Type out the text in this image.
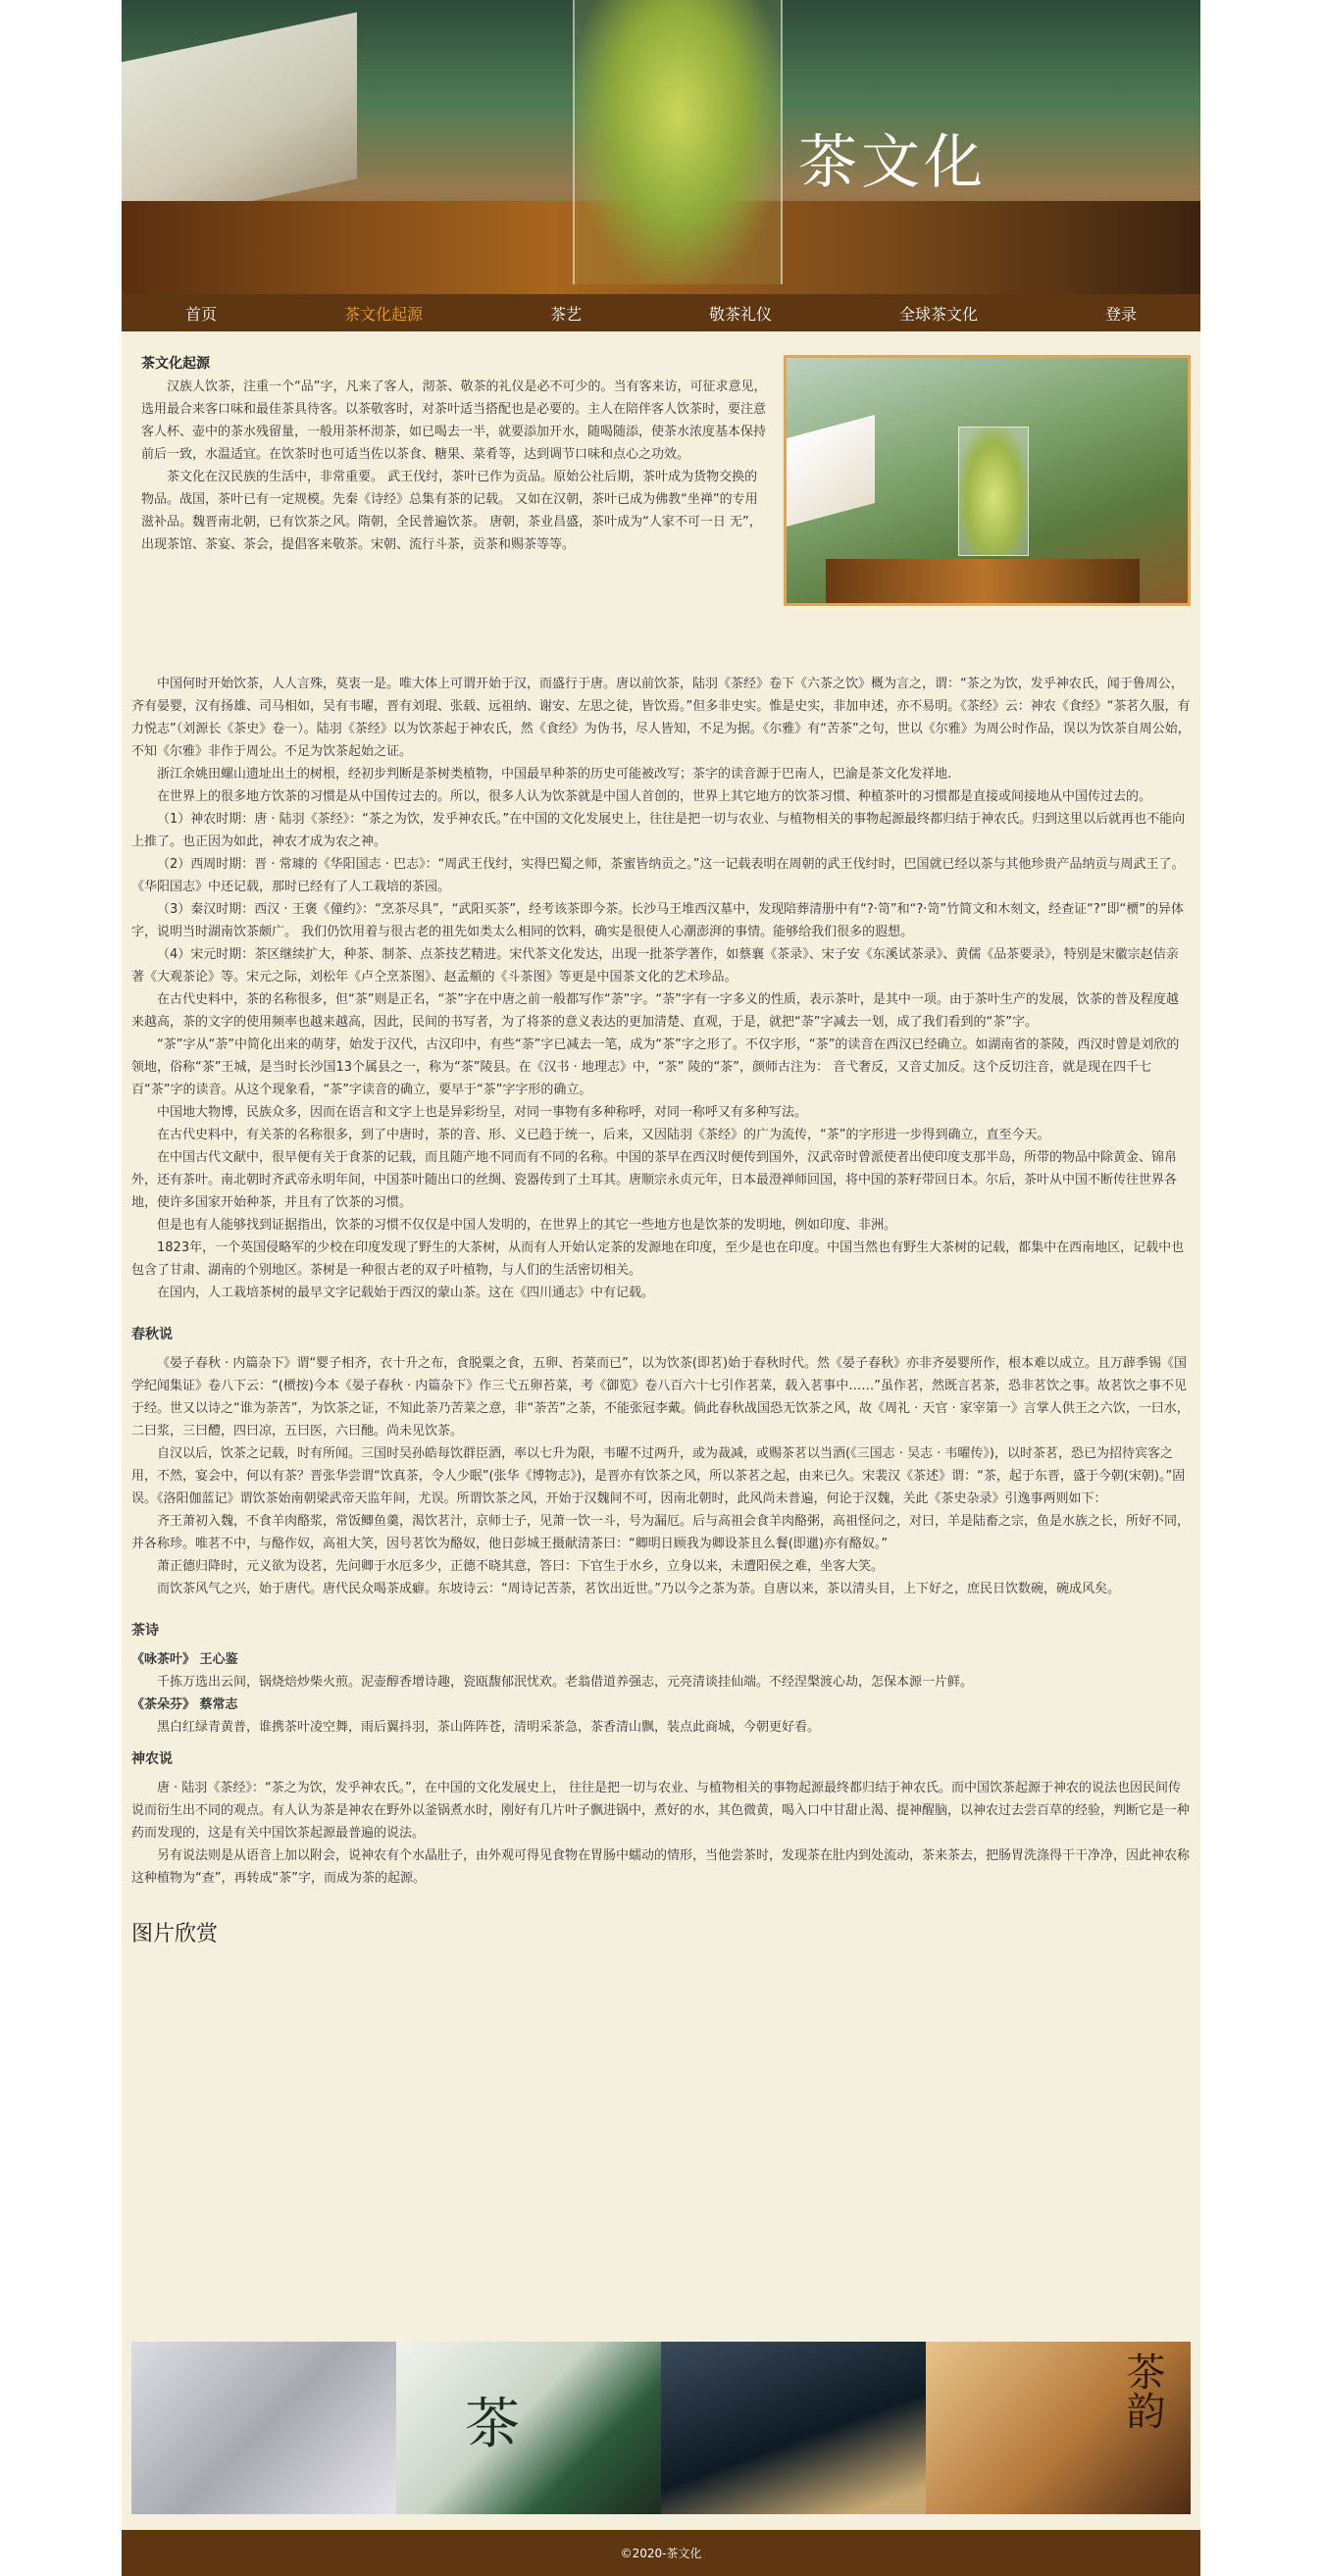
茶文化
首页	茶文化起源	茶艺	敬茶礼仪	全球茶文化	登录
茶文化起源

汉族人饮茶，注重一个“品”字，凡来了客人，沏茶、敬茶的礼仪是必不可少的。当有客来访，可征求意见，选用最合来客口味和最佳茶具待客。以茶敬客时，对茶叶适当搭配也是必要的。主人在陪伴客人饮茶时，要注意客人杯、壶中的茶水残留量，一般用茶杯沏茶，如已喝去一半，就要添加开水，随喝随添，使茶水浓度基本保持前后一致，水温适宜。在饮茶时也可适当佐以茶食、糖果、菜肴等，达到调节口味和点心之功效。

茶文化在汉民族的生活中，非常重要。 武王伐纣，茶叶已作为贡品。原始公社后期，茶叶成为货物交换的物品。战国，茶叶已有一定规模。先秦《诗经》总集有茶的记载。 又如在汉朝，茶叶已成为佛教“坐禅”的专用滋补品。魏晋南北朝，已有饮茶之风。隋朝，全民普遍饮茶。 唐朝，茶业昌盛，茶叶成为“人家不可一日 无”，出现茶馆、茶宴、茶会，提倡客来敬茶。宋朝、流行斗茶，贡茶和赐茶等等。

中国何时开始饮茶，人人言殊，莫衷一是。唯大体上可谓开始于汉，而盛行于唐。唐以前饮茶，陆羽《茶经》卷下《六茶之饮》概为言之，谓：“茶之为饮，发乎神农氏，闻于鲁周公，齐有晏婴，汉有扬雄、司马相如，吴有韦曜，晋有刘琨、张载、远祖纳、谢安、左思之徒，皆饮焉。”但多非史实。惟是史实，非加申述，亦不易明。《茶经》云：神农《食经》“茶茗久服，有力悦志”（刘源长《茶史》卷一）。陆羽《茶经》以为饮茶起于神农氏，然《食经》为伪书，尽人皆知，不足为据。《尔雅》有“苦茶”之句，世以《尔雅》为周公时作品，误以为饮茶自周公始，不知《尔雅》非作于周公。不足为饮茶起始之证。

浙江余姚田螺山遗址出土的树根，经初步判断是茶树类植物，中国最早种茶的历史可能被改写；茶字的读音源于巴南人，巴渝是茶文化发祥地.

在世界上的很多地方饮茶的习惯是从中国传过去的。所以，很多人认为饮茶就是中国人首创的，世界上其它地方的饮茶习惯、种植茶叶的习惯都是直接或间接地从中国传过去的。

（1）神农时期：唐 · 陆羽《茶经》：“茶之为饮，发乎神农氏。”在中国的文化发展史上，往往是把一切与农业、与植物相关的事物起源最终都归结于神农氏。归到这里以后就再也不能向上推了。也正因为如此，神农才成为农之神。

（2）西周时期：晋 · 常璩的《华阳国志 · 巴志》：“周武王伐纣，实得巴蜀之师，茶蜜皆纳贡之。”这一记载表明在周朝的武王伐纣时，巴国就已经以茶与其他珍贵产品纳贡与周武王了。《华阳国志》中还记载，那时已经有了人工栽培的茶园。

（3）秦汉时期：西汉 · 王褒《僮约》：“烹茶尽具”，“武阳买茶”，经考该茶即今茶。长沙马王堆西汉墓中，发现陪葬清册中有“?·笥”和“?·笥”竹简文和木刻文，经查证“?”即“槚”的异体字，说明当时湖南饮茶颇广。 我们仍饮用着与很古老的祖先如类太么相同的饮料，确实是很使人心潮澎湃的事情。能够给我们很多的遐想。

（4）宋元时期：茶区继续扩大，种茶、制茶、点茶技艺精进。宋代茶文化发达，出现一批茶学著作，如蔡襄《茶录》、宋子安《东溪试茶录》、黄儒《品茶要录》，特别是宋徽宗赵佶亲著《大观茶论》等。宋元之际，刘松年《卢仝烹茶图》、赵孟頫的《斗茶图》等更是中国茶文化的艺术珍品。

在古代史料中，茶的名称很多，但“茶”则是正名，“茶”字在中唐之前一般都写作“荼”字。“荼”字有一字多义的性质，表示茶叶，是其中一项。由于茶叶生产的发展，饮茶的普及程度越来越高，茶的文字的使用频率也越来越高，因此，民间的书写者，为了将茶的意义表达的更加清楚、直观，于是，就把“荼”字减去一划，成了我们看到的“茶”字。

“茶”字从“荼”中简化出来的萌芽，始发于汉代，古汉印中，有些“荼”字已减去一笔，成为“茶”字之形了。不仅字形，“茶”的读音在西汉已经确立。如湖南省的茶陵，西汉时曾是刘欣的领地，俗称“茶”王城，是当时长沙国13个属县之一，称为“茶”陵县。在《汉书 · 地理志》中，“茶” 陵的“茶”，颜师古注为： 音弋奢反，又音丈加反。这个反切注音，就是现在四千七百“茶”字的读音。从这个现象看，“茶”字读音的确立，要早于“茶”字字形的确立。

中国地大物博，民族众多，因而在语言和文字上也是异彩纷呈，对同一事物有多种称呼，对同一称呼又有多种写法。

在古代史料中，有关茶的名称很多，到了中唐时，茶的音、形、义已趋于统一，后来，又因陆羽《茶经》的广为流传，“茶”的字形进一步得到确立，直至今天。

在中国古代文献中，很早便有关于食茶的记载，而且随产地不同而有不同的名称。中国的茶早在西汉时便传到国外，汉武帝时曾派使者出使印度支那半岛，所带的物品中除黄金、锦帛外，还有茶叶。南北朝时齐武帝永明年间，中国茶叶随出口的丝绸、瓷器传到了土耳其。唐顺宗永贞元年，日本最澄禅师回国，将中国的茶籽带回日本。尔后，茶叶从中国不断传往世界各地，使许多国家开始种茶，并且有了饮茶的习惯。

但是也有人能够找到证据指出，饮茶的习惯不仅仅是中国人发明的，在世界上的其它一些地方也是饮茶的发明地，例如印度、非洲。

1823年，一个英国侵略军的少校在印度发现了野生的大茶树，从而有人开始认定茶的发源地在印度，至少是也在印度。中国当然也有野生大茶树的记载，都集中在西南地区，记载中也包含了甘肃、湖南的个别地区。茶树是一种很古老的双子叶植物，与人们的生活密切相关。

在国内，人工栽培茶树的最早文字记载始于西汉的蒙山茶。这在《四川通志》中有记载。

春秋说

《晏子春秋 · 内篇杂下》谓“婴子相齐，衣十升之布，食脱粟之食，五卵、苔菜而已”，以为饮茶(即茗)始于春秋时代。然《晏子春秋》亦非齐晏婴所作，根本难以成立。且万薜季锡《国学纪闻集证》卷八下云：“(槚按)今本《晏子春秋 · 内篇杂下》作三弋五卵苔菜，考《御览》卷八百六十七引作茗菜，载入茗事中……”虽作茗，然既言茗茶，恐非茗饮之事。故茗饮之事不见于经。世又以诗之“谁为荼苦”，为饮茶之证，不知此荼乃苦菜之意，非“荼苦”之荼，不能张冠李戴。倘此春秋战国恐无饮茶之风，故《周礼 · 天官 · 家宰第一》言掌人供王之六饮，一曰水，二曰浆，三曰醴，四曰凉，五曰医，六曰酏。尚未见饮茶。

自汉以后，饮茶之记载，时有所闻。三国时吴孙皓每饮群臣酒，率以七升为限，韦曜不过两升，或为裁减，或赐茶茗以当酒(《三国志 · 吴志 · 韦曜传》)，以时茶茗，恐已为招待宾客之用，不然，宴会中，何以有茶？晋张华尝谓“饮真茶，令人少眠”(张华《博物志》)，是晋亦有饮茶之风，所以茶茗之起，由来已久。宋裴汉《茶述》谓：“茶，起于东晋，盛于今朝(宋朝)。”固误。《洛阳伽蓝记》谓饮茶始南朝梁武帝天监年间，尤误。所谓饮茶之风，开始于汉魏间不可，因南北朝时，此风尚未普遍，何论于汉魏，关此《茶史杂录》引逸事两则如下：

齐王萧初入魏，不食羊肉酪浆，常饭鲫鱼羹，渴饮茗汁，京师士子，见萧一饮一斗，号为漏厄。后与高祖会食羊肉酪粥，高祖怪问之，对曰，羊是陆畜之宗，鱼是水族之长，所好不同，并各称珍。唯茗不中，与酪作奴，高祖大笑，因号茗饮为酪奴，他日彭城王摄献清茶曰：“卿明日顾我为卿设茶且么餐(即邋)亦有酪奴。”

萧正德归降时，元义欲为设茗，先问卿于水厄多少，正德不晓其意，答曰：下官生于水乡，立身以来，未遭阳侯之难，坐客大笑。

而饮茶风气之兴，始于唐代。唐代民众喝茶成癖。东坡诗云：“周诗记苦荼，茗饮出近世。”乃以今之茶为荼。自唐以来，茶以清头目，上下好之，庶民日饮数碗，碗成风矣。

茶诗
《咏茶叶》 王心鉴

千拣万选出云间，锅烧焙炒柴火煎。泥壶醇香增诗趣，瓷瓯馥郁泯忧欢。老翁借道养强志，元亮清谈挂仙端。不经涅槃渡心劫，怎保本源一片鲜。

《茶朵芬》 蔡常志

黑白红绿青黄普，谁携茶叶凌空舞，雨后翼抖羽，茶山阵阵苍，清明采茶急，茶香清山飘，装点此商城，今朝更好看。

神农说

唐 · 陆羽《茶经》：“茶之为饮，发乎神农氏。”，在中国的文化发展史上， 往往是把一切与农业、与植物相关的事物起源最终都归结于神农氏。而中国饮茶起源于神农的说法也因民间传说而衍生出不同的观点。有人认为茶是神农在野外以釜锅煮水时，刚好有几片叶子飘进锅中，煮好的水，其色微黄，喝入口中甘甜止渴、提神醒脑，以神农过去尝百草的经验，判断它是一种药而发现的，这是有关中国饮茶起源最普遍的说法。

另有说法则是从语音上加以附会，说神农有个水晶肚子，由外观可得见食物在胃肠中蠕动的情形，当他尝茶时，发现茶在肚内到处流动，茶来茶去，把肠胃洗涤得干干净净，因此神农称这种植物为“查”，再转成“茶”字，而成为茶的起源。

图片欣赏
茶	茶韵
©2020-茶文化
